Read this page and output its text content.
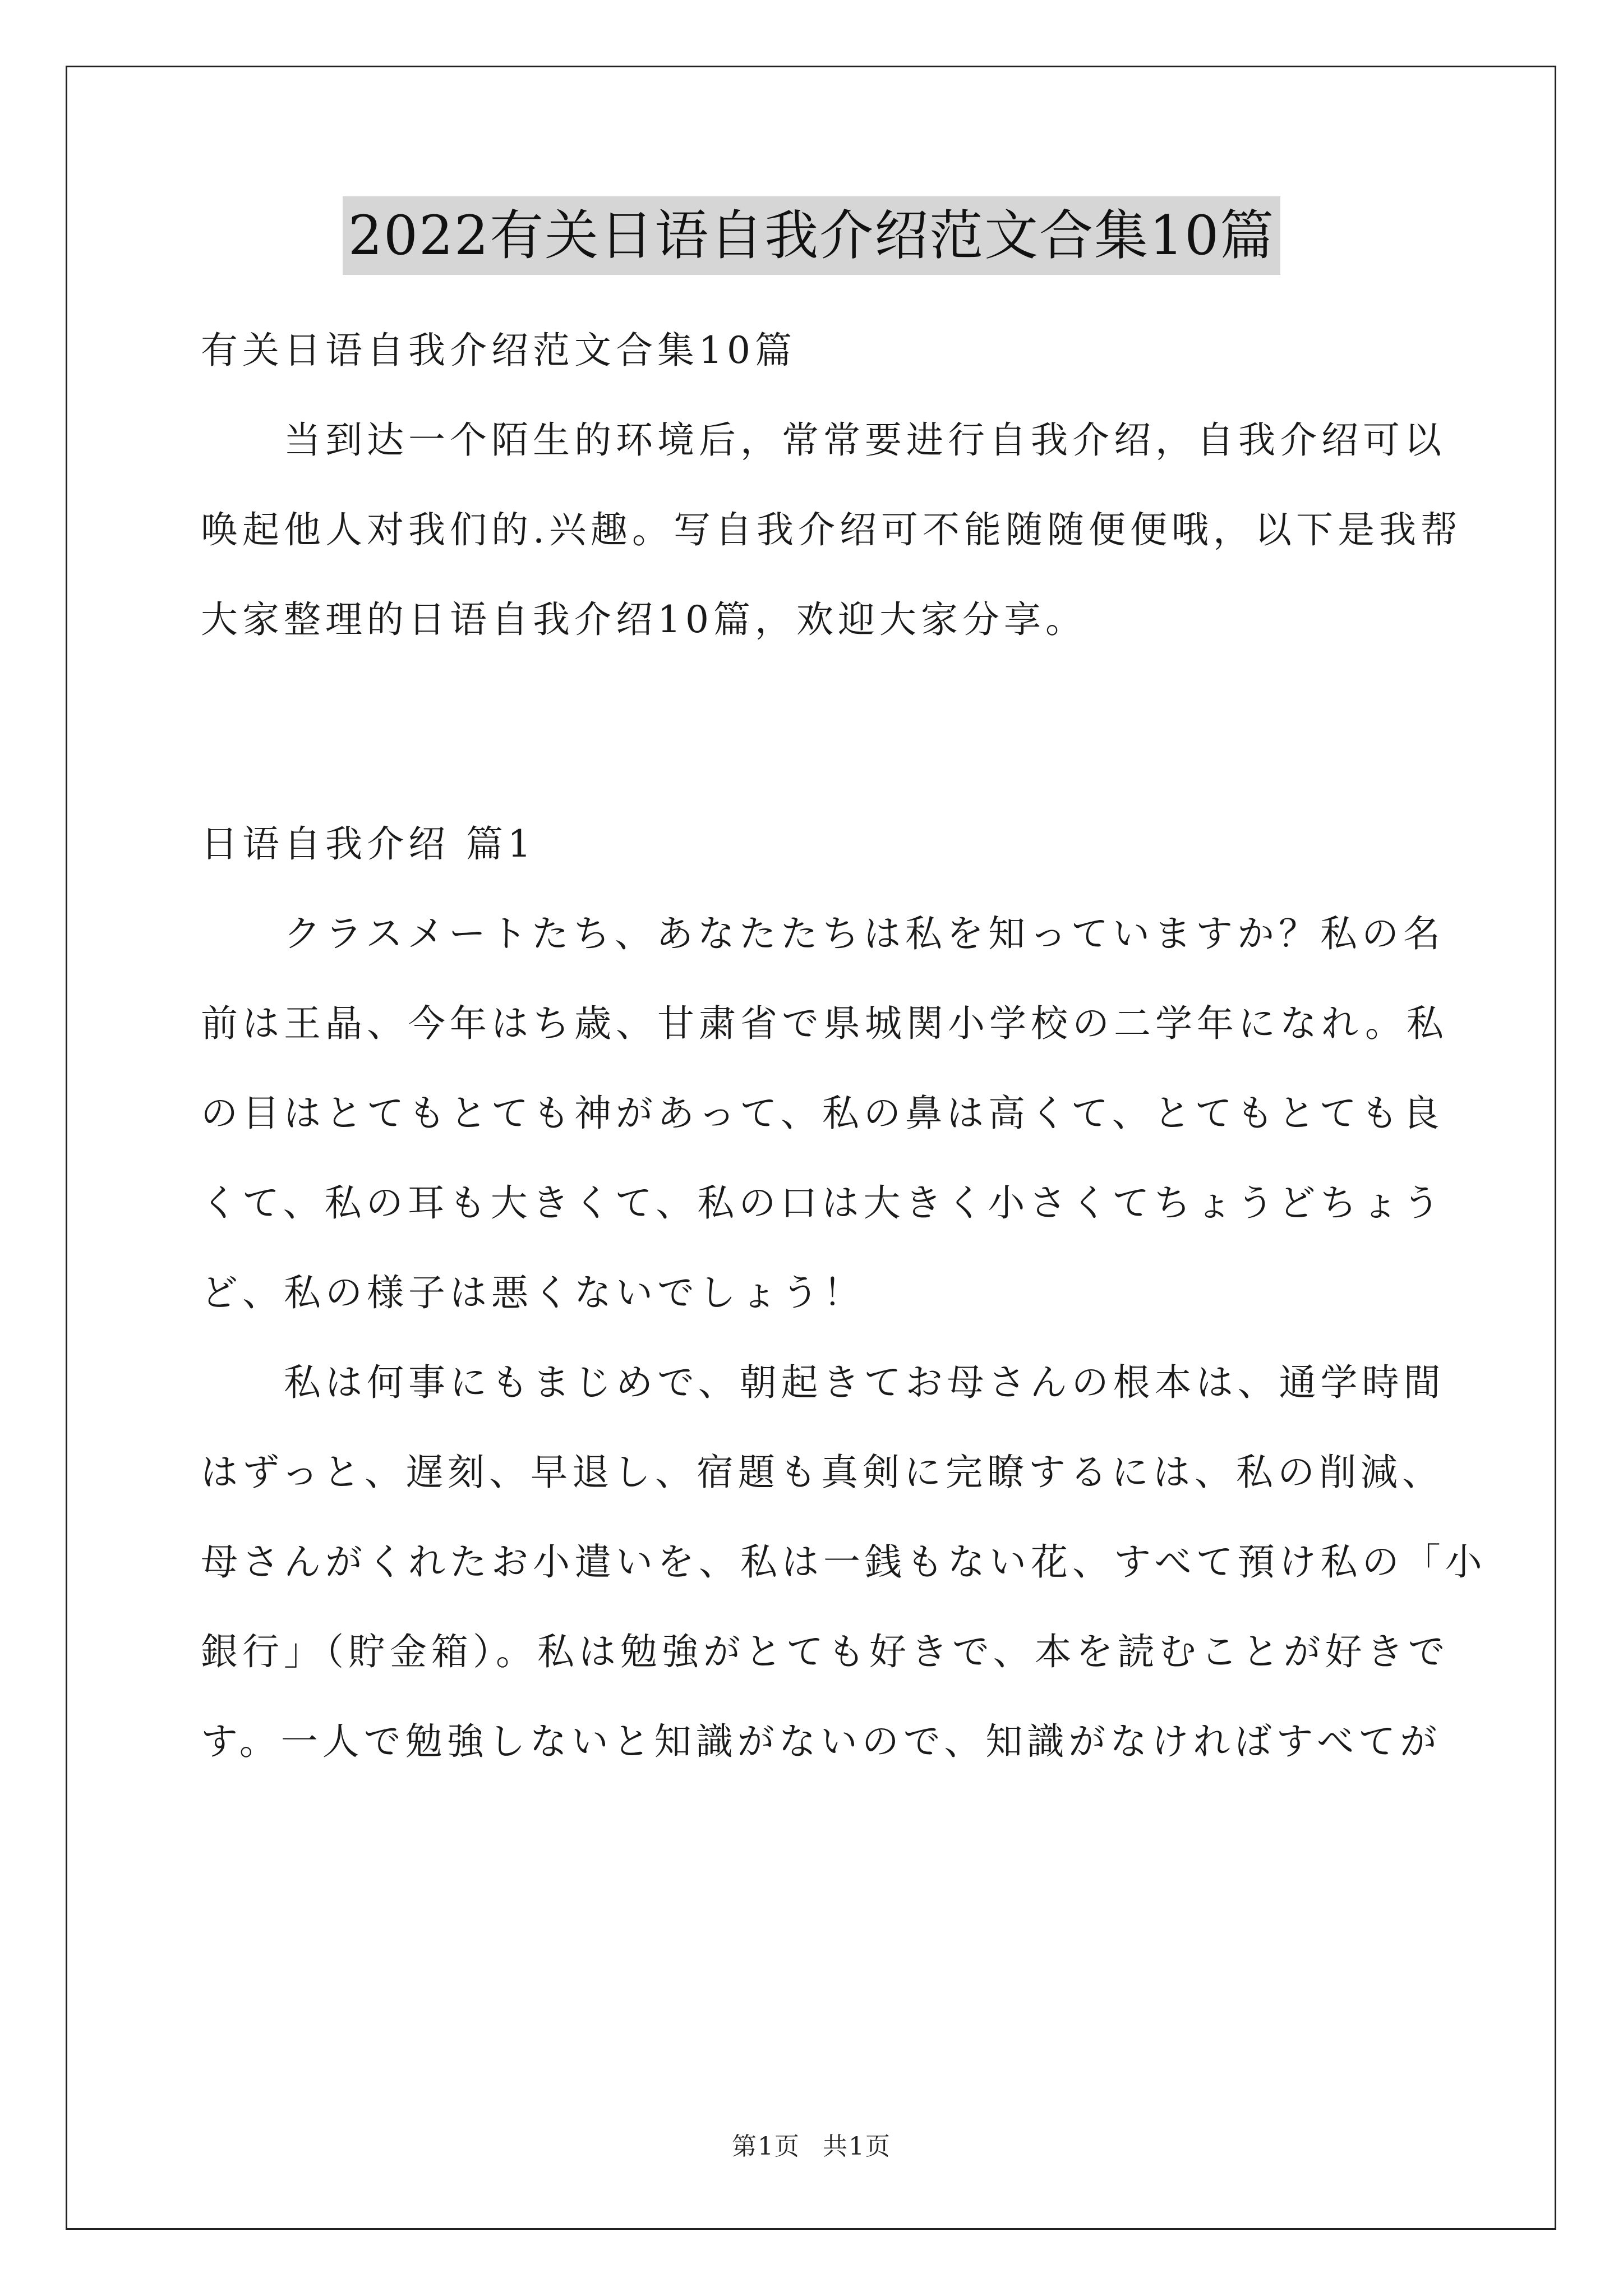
2022有关日语自我介绍范文合集10篇
有关日语自我介绍范文合集10篇
当到达一个陌生的环境后，常常要进行自我介绍，自我介绍可以
唤起他人对我们的.兴趣。写自我介绍可不能随随便便哦，以下是我帮
大家整理的日语自我介绍10篇，欢迎大家分享。
日语自我介绍 篇1
クラスメートたち、あなたたちは私を知っていますか？私の名
前は王晶、今年はち歳、甘粛省で県城関小学校の二学年になれ。私
の目はとてもとても神があって、私の鼻は高くて、とてもとても良
くて、私の耳も大きくて、私の口は大きく小さくてちょうどちょう
ど、私の様子は悪くないでしょう！
私は何事にもまじめで、朝起きてお母さんの根本は、通学時間
はずっと、遅刻、早退し、宿題も真剣に完瞭するには、私の削減、
母さんがくれたお小遣いを、私は一銭もない花、すべて預け私の「小
銀行」（貯金箱）。私は勉強がとても好きで、本を読むことが好きで
す。一人で勉強しないと知識がないので、知識がなければすべてが
第1页 共1页
